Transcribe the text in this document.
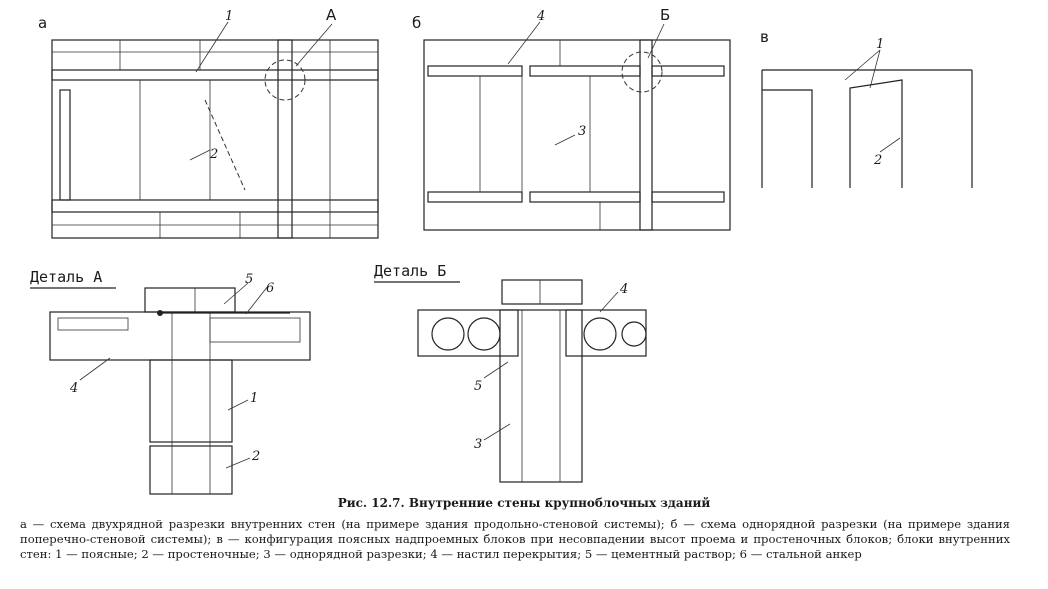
а	1	А
2
б	4	Б
3
в	1
2
Деталь А	5
6
4
1
2
Деталь Б
4
5
3
Рис. 12.7. Внутренние стены крупноблочных зданий
а — схема двухрядной разрезки внутренних стен (на примере здания продольно-стеновой системы); б — схема однорядной разрезки (на примере здания поперечно-стеновой системы); в — конфигурация поясных надпроемных блоков при несовпадении высот проема и простеночных блоков; блоки внутренних стен: 1 — поясные; 2 — простеночные; 3 — однорядной разрезки; 4 — настил перекрытия; 5 — цементный раствор; 6 — стальной анкер
